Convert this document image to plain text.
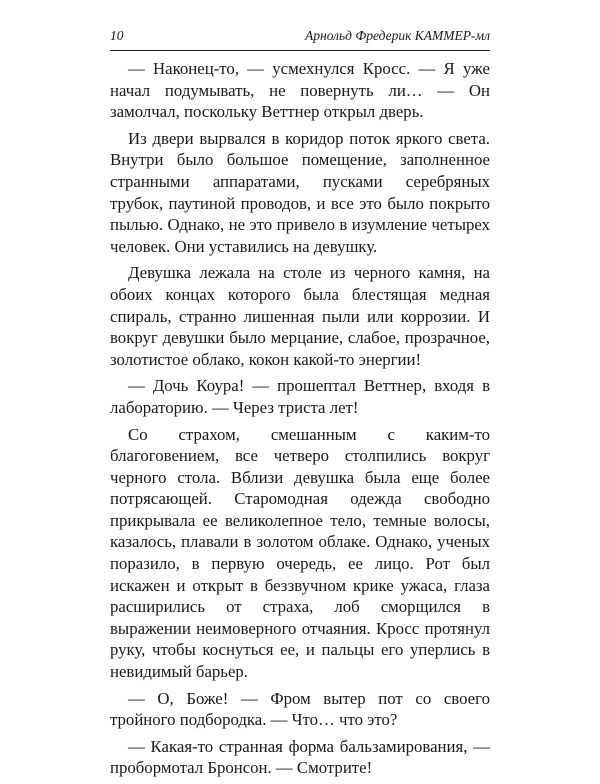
10	Арнольд Фредерик КАММЕР-мл

— Наконец-то, — усмехнулся Кросс. — Я уже начал подумывать, не повернуть ли… — Он замолчал, поскольку Веттнер открыл дверь.

Из двери вырвался в коридор поток яркого света. Внутри было большое помещение, заполненное странными аппаратами, пусками серебряных трубок, паутиной проводов, и все это было покрыто пылью. Однако, не это привело в изумление четырех человек. Они уставились на девушку.

Девушка лежала на столе из черного камня, на обоих концах которого была блестящая медная спираль, странно лишенная пыли или коррозии. И вокруг девушки было мерцание, слабое, прозрачное, золотистое облако, кокон какой-то энергии!

— Дочь Коура! — прошептал Веттнер, входя в лабораторию. — Через триста лет!

Со страхом, смешанным с каким-то благоговением, все четверо столпились вокруг черного стола. Вблизи девушка была еще более потрясающей. Старомодная одежда свободно прикрывала ее великолепное тело, темные волосы, казалось, плавали в золотом облаке. Однако, ученых поразило, в первую очередь, ее лицо. Рот был искажен и открыт в беззвучном крике ужаса, глаза расширились от страха, лоб сморщился в выражении неимоверного отчаяния. Кросс протянул руку, чтобы коснуться ее, и пальцы его уперлись в невидимый барьер.

— О, Боже! — Фром вытер пот со своего тройного подбородка. — Что… что это?

— Какая-то странная форма бальзамирования, — пробормотал Бронсон. — Смотрите!
